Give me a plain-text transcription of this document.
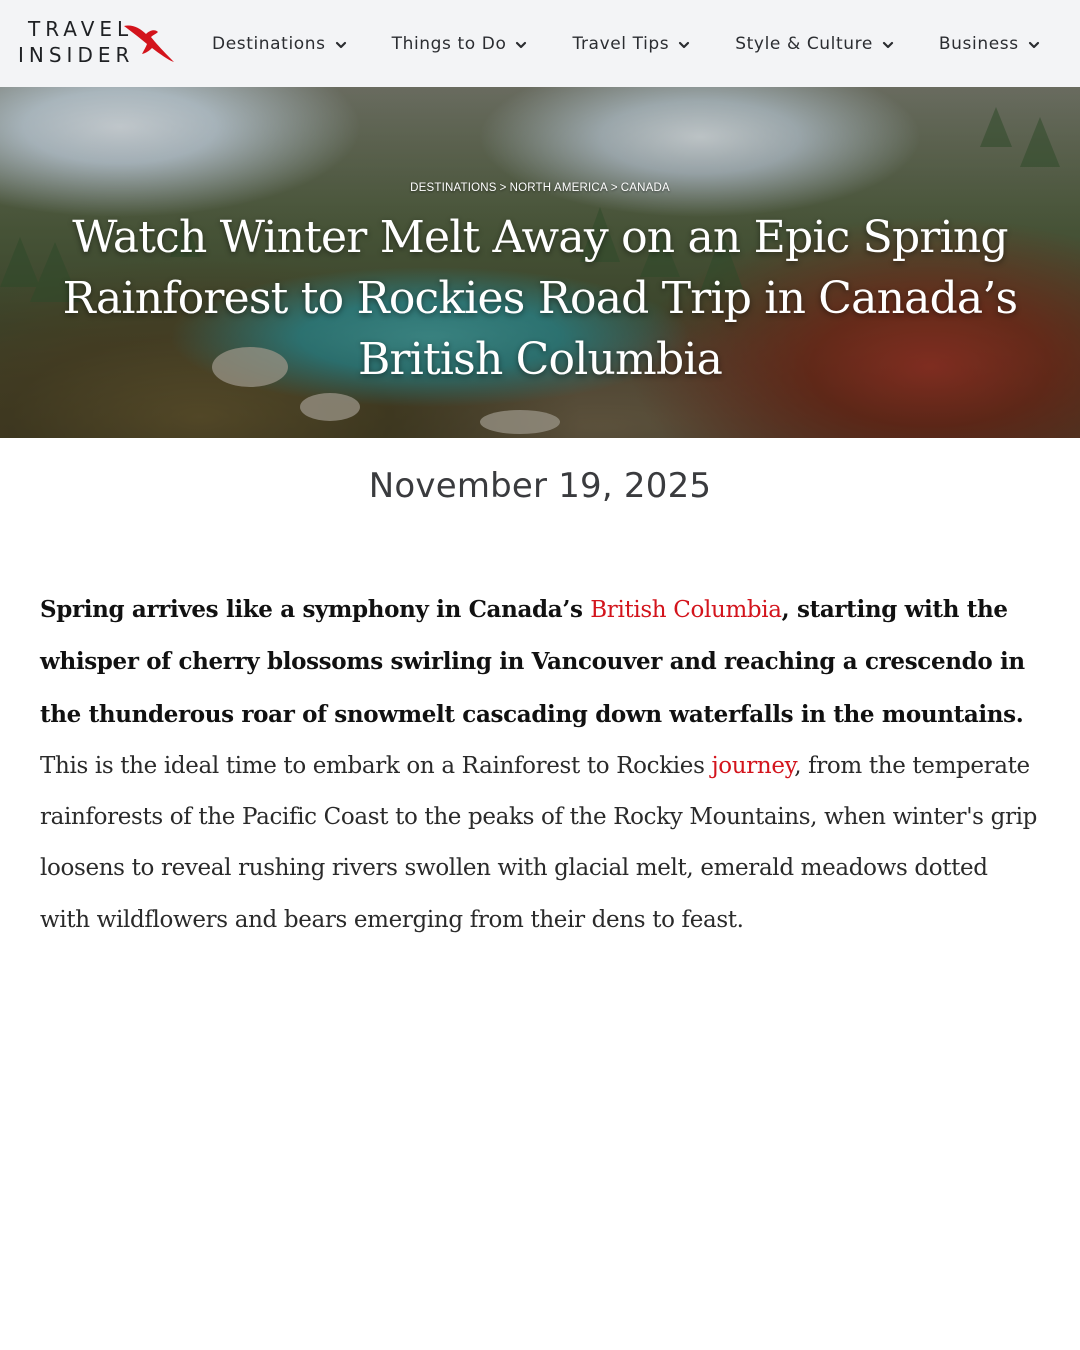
TRAVEL
INSIDER	Destinations	Things to Do	Travel Tips	Style & Culture	Business
DESTINATIONS > NORTH AMERICA > CANADA
Watch Winter Melt Away on an Epic Spring Rainforest to Rockies Road Trip in Canada’s British Columbia
November 19, 2025

Spring arrives like a symphony in Canada’s British Columbia, starting with the whisper of cherry blossoms swirling in Vancouver and reaching a crescendo in the thunderous roar of snowmelt cascading down waterfalls in the mountains. This is the ideal time to embark on a Rainforest to Rockies journey, from the temperate rainforests of the Pacific Coast to the peaks of the Rocky Mountains, when winter's grip loosens to reveal rushing rivers swollen with glacial melt, emerald meadows dotted with wildflowers and bears emerging from their dens to feast.
